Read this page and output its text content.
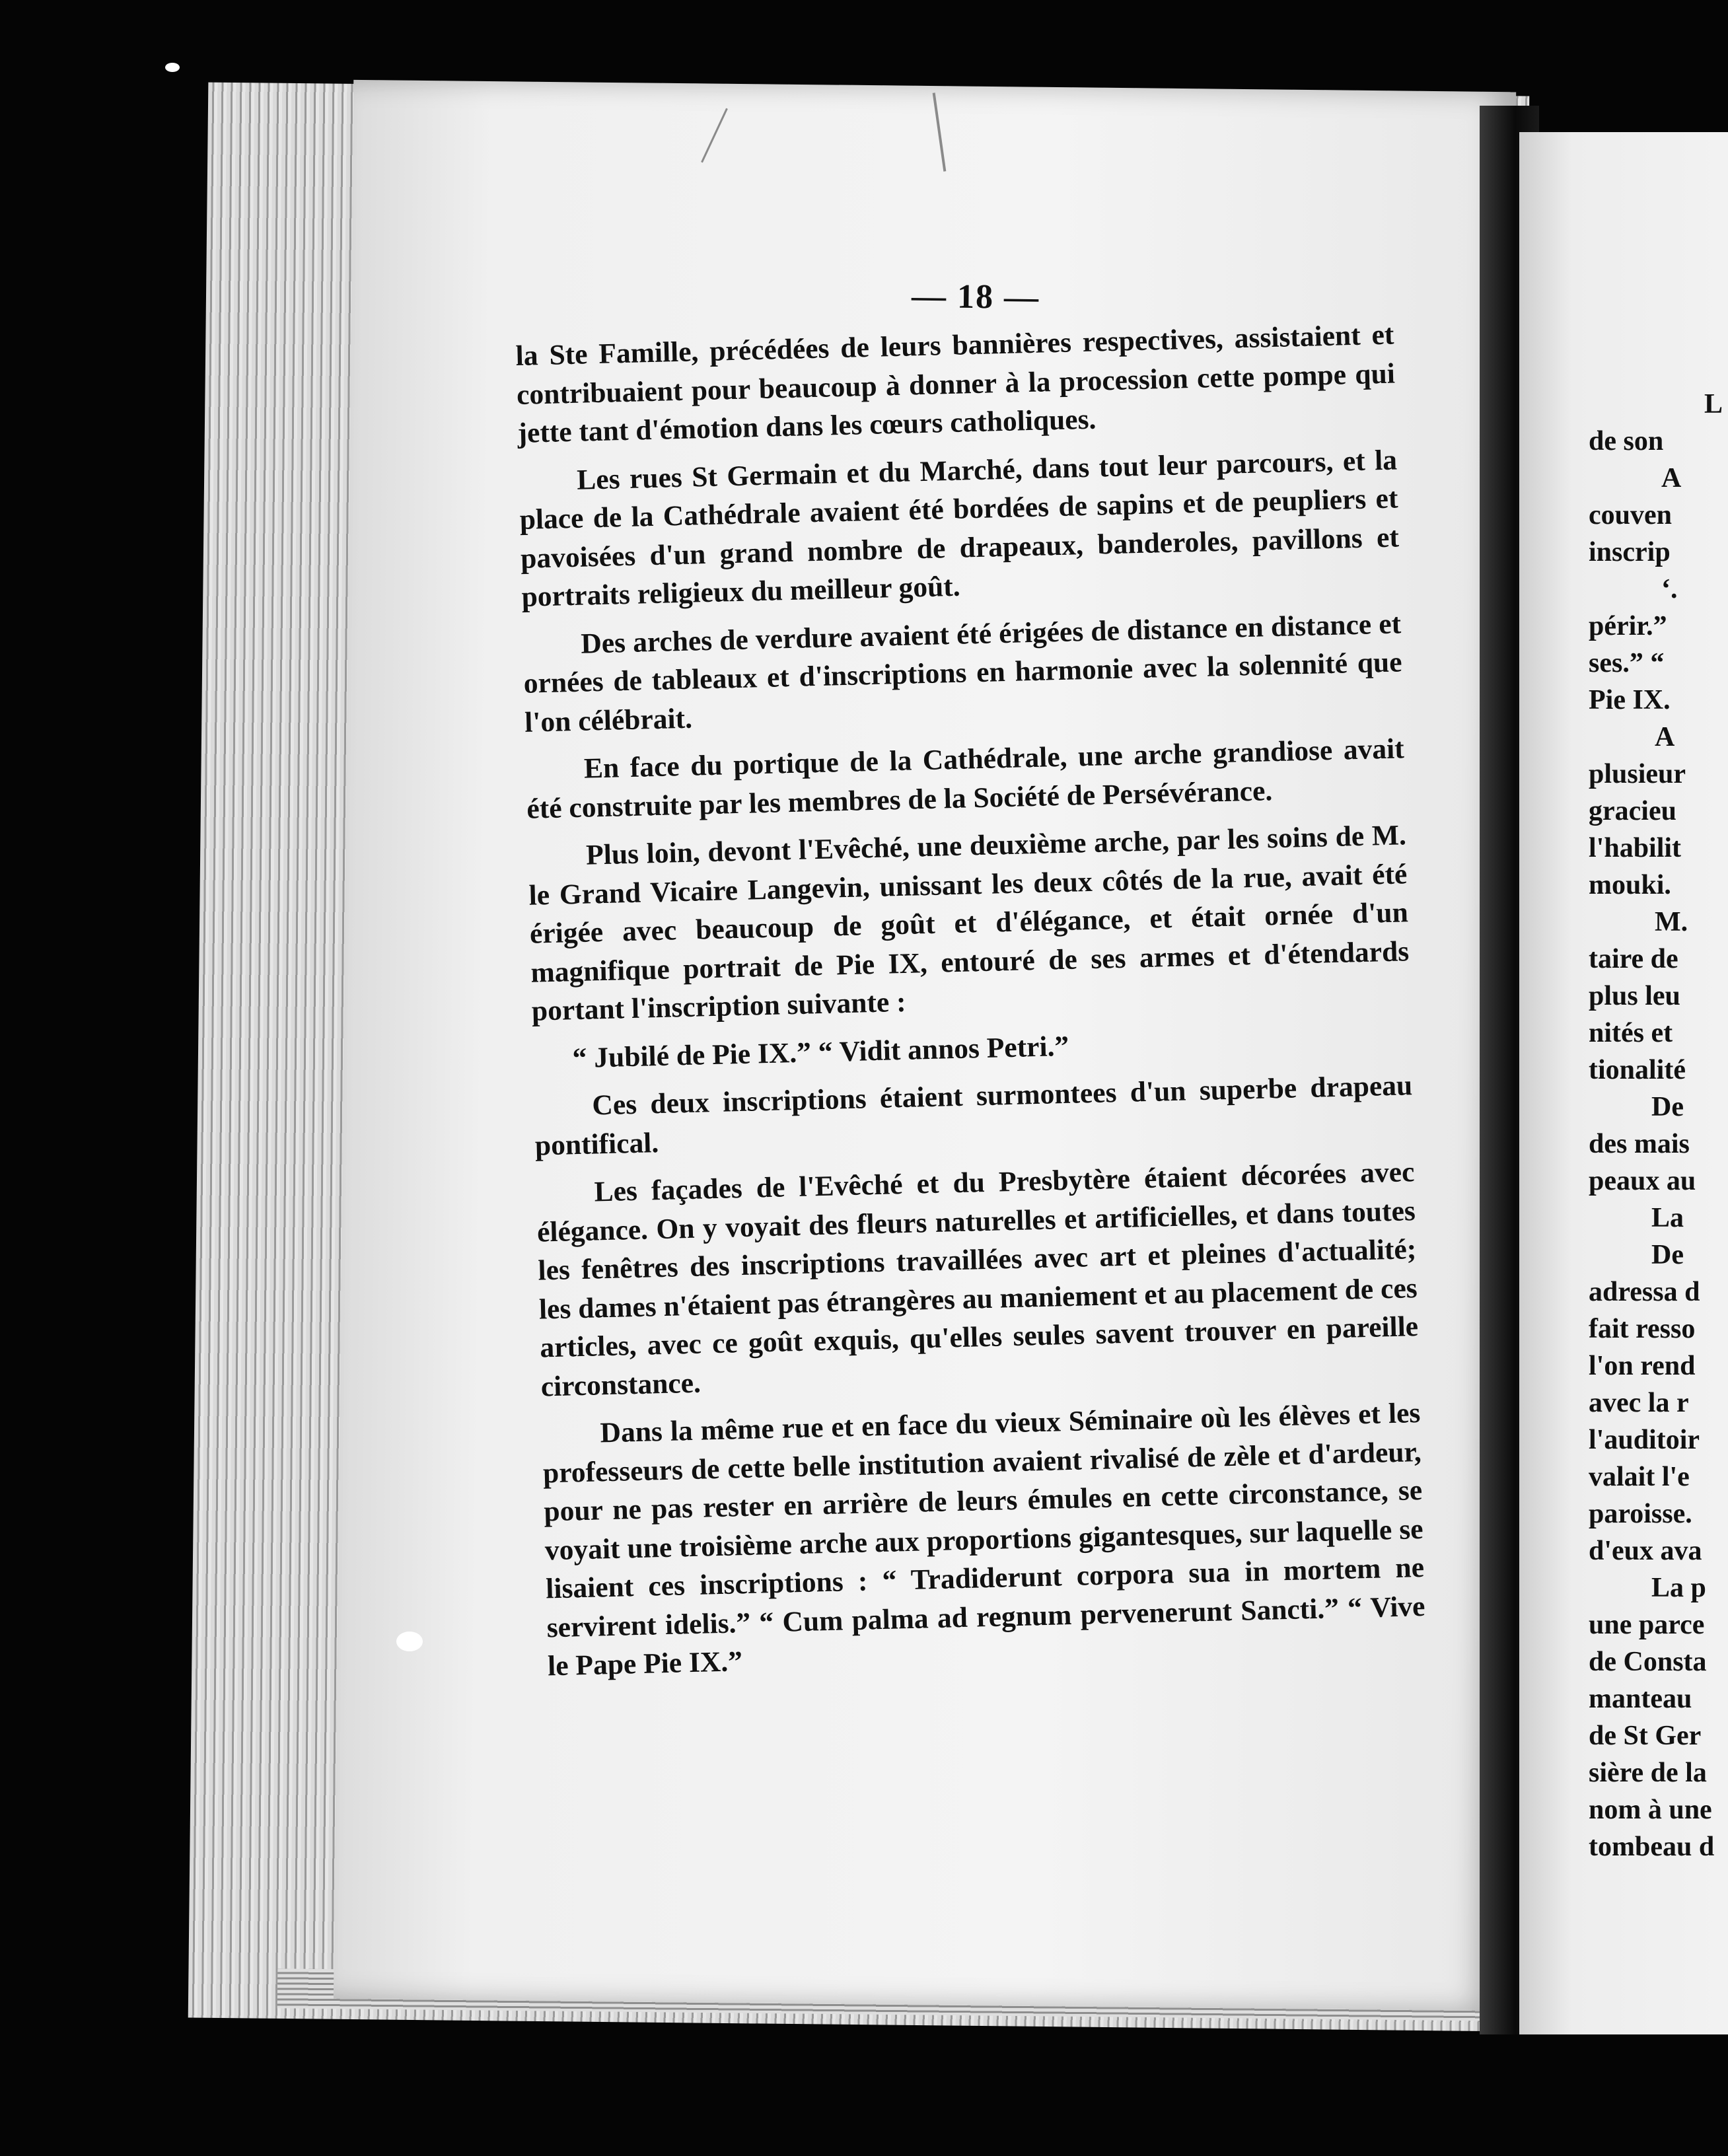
— 18 —

la Ste Famille, précédées de leurs bannières respectives, assistaient et contribuaient pour beaucoup à donner à la procession cette pompe qui jette tant d'émotion dans les cœurs catholiques.

Les rues St Germain et du Marché, dans tout leur parcours, et la place de la Cathédrale avaient été bordées de sapins et de peupliers et pavoisées d'un grand nombre de drapeaux, banderoles, pavillons et portraits religieux du meilleur goût.

Des arches de verdure avaient été érigées de distance en distance et ornées de tableaux et d'inscriptions en harmonie avec la solennité que l'on célébrait.

En face du portique de la Cathédrale, une arche grandiose avait été construite par les membres de la Société de Persévérance.

Plus loin, devont l'Evêché, une deuxième arche, par les soins de M. le Grand Vicaire Langevin, unissant les deux côtés de la rue, avait été érigée avec beaucoup de goût et d'élégance, et était ornée d'un magnifique portrait de Pie IX, entouré de ses armes et d'étendards portant l'inscription suivante :

“ Jubilé de Pie IX.” “ Vidit annos Petri.”

Ces deux inscriptions étaient surmontees d'un superbe drapeau pontifical.

Les façades de l'Evêché et du Presbytère étaient décorées avec élégance. On y voyait des fleurs naturelles et artificielles, et dans toutes les fenêtres des inscriptions travaillées avec art et pleines d'actualité; les dames n'étaient pas étrangères au maniement et au placement de ces articles, avec ce goût exquis, qu'elles seules savent trouver en pareille circonstance.

Dans la même rue et en face du vieux Séminaire où les élèves et les professeurs de cette belle institution avaient rivalisé de zèle et d'ardeur, pour ne pas rester en arrière de leurs émules en cette circonstance, se voyait une troisième arche aux proportions gigantesques, sur laquelle se lisaient ces inscriptions : “ Tradiderunt corpora sua in mortem ne servirent idelis.” “ Cum palma ad regnum pervenerunt Sancti.” “ Vive le Pape Pie IX.”

L
de son
A
couven
inscrip
‘.
périr.”
ses.” “
Pie IX.
A
plusieur
gracieu
l'habilit
mouki.
M.
taire de
plus leu
nités et
tionalité
De
des mais
peaux au
La
De
adressa d
fait resso
l'on rend
avec la r
l'auditoir
valait l'e
paroisse.
d'eux ava
La p
une parce
de Consta
manteau
de St Ger
sière de la
nom à une
tombeau d
